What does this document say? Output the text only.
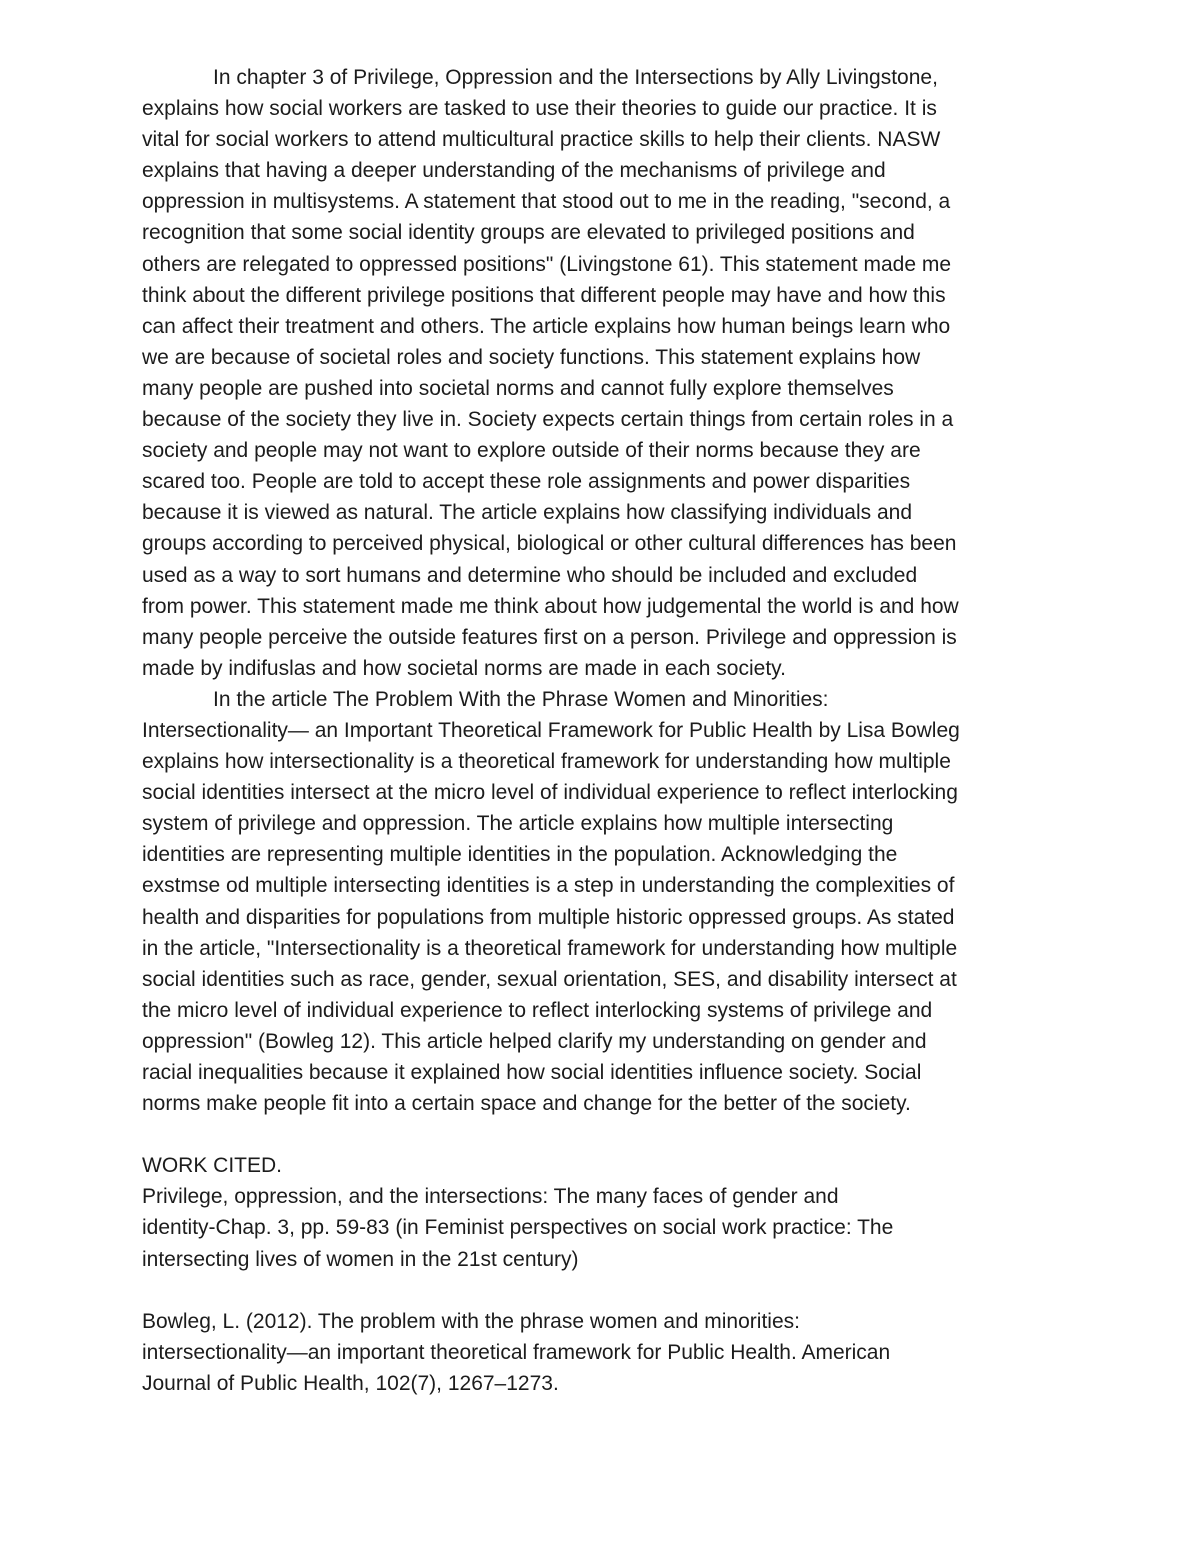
In chapter 3 of Privilege, Oppression and the Intersections by Ally Livingstone,
explains how social workers are tasked to use their theories to guide our practice. It is
vital for social workers to attend multicultural practice skills to help their clients. NASW
explains that having a deeper understanding of the mechanisms of privilege and
oppression in multisystems. A statement that stood out to me in the reading, "second, a
recognition that some social identity groups are elevated to privileged positions and
others are relegated to oppressed positions" (Livingstone 61). This statement made me
think about the different privilege positions that different people may have and how this
can affect their treatment and others. The article explains how human beings learn who
we are because of societal roles and society functions. This statement explains how
many people are pushed into societal norms and cannot fully explore themselves
because of the society they live in. Society expects certain things from certain roles in a
society and people may not want to explore outside of their norms because they are
scared too. People are told to accept these role assignments and power disparities
because it is viewed as natural. The article explains how classifying individuals and
groups according to perceived physical, biological or other cultural differences has been
used as a way to sort humans and determine who should be included and excluded
from power. This statement made me think about how judgemental the world is and how
many people perceive the outside features first on a person. Privilege and oppression is
made by indifuslas and how societal norms are made in each society.
In the article The Problem With the Phrase Women and Minorities:
Intersectionality— an Important Theoretical Framework for Public Health by Lisa Bowleg
explains how intersectionality is a theoretical framework for understanding how multiple
social identities intersect at the micro level of individual experience to reflect interlocking
system of privilege and oppression. The article explains how multiple intersecting
identities are representing multiple identities in the population. Acknowledging the
exstmse od multiple intersecting identities is a step in understanding the complexities of
health and disparities for populations from multiple historic oppressed groups. As stated
in the article, "Intersectionality is a theoretical framework for understanding how multiple
social identities such as race, gender, sexual orientation, SES, and disability intersect at
the micro level of individual experience to reflect interlocking systems of privilege and
oppression" (Bowleg 12). This article helped clarify my understanding on gender and
racial inequalities because it explained how social identities influence society. Social
norms make people fit into a certain space and change for the better of the society.
WORK CITED.
Privilege, oppression, and the intersections: The many faces of gender and
identity-Chap. 3, pp. 59-83 (in Feminist perspectives on social work practice: The
intersecting lives of women in the 21st century)
Bowleg, L. (2012). The problem with the phrase women and minorities:
intersectionality—an important theoretical framework for Public Health. American
Journal of Public Health, 102(7), 1267–1273.
